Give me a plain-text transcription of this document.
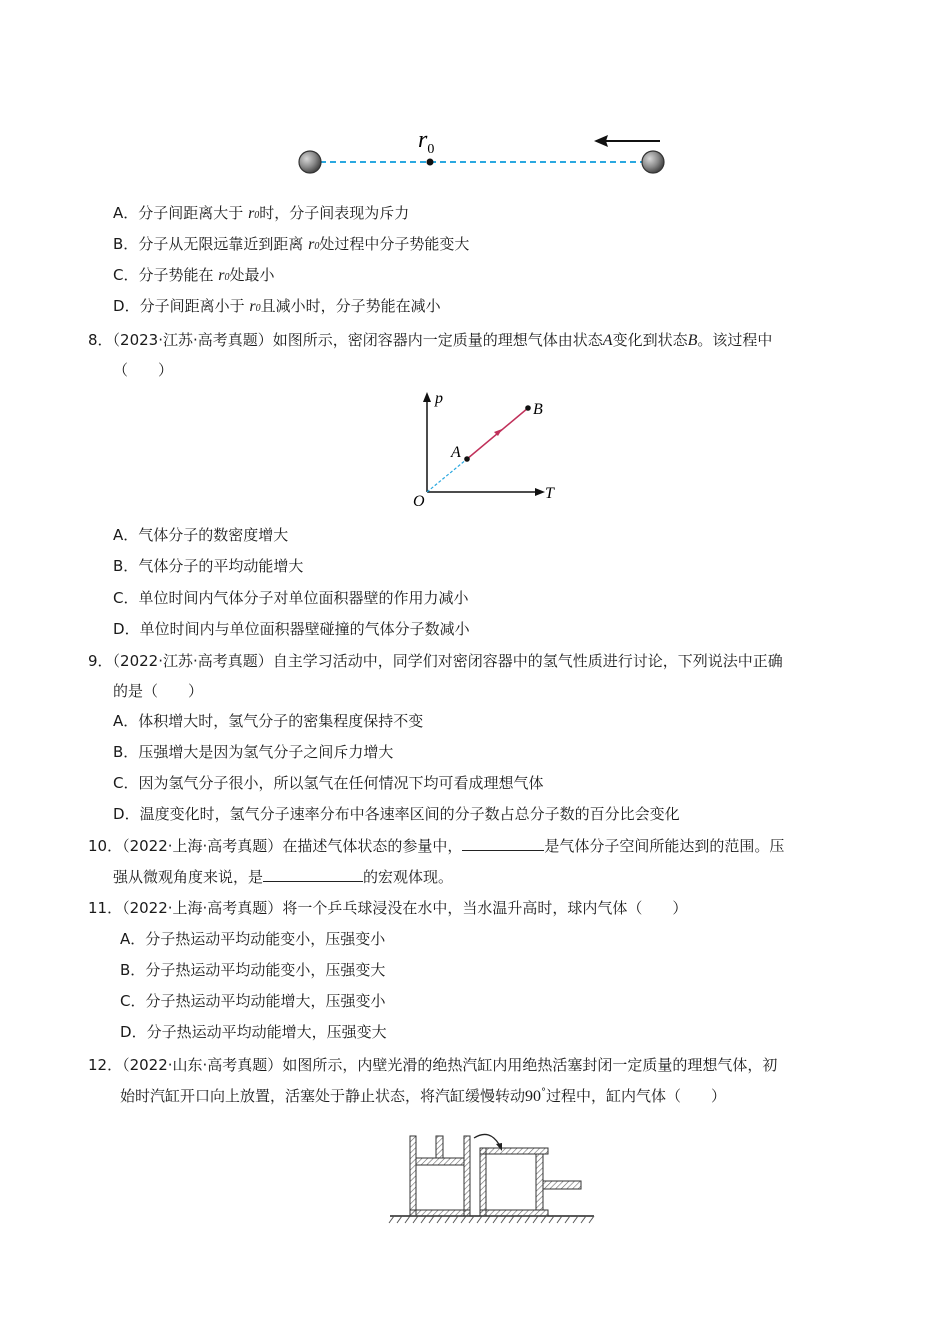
$r_0$
A．分子间距离大于 r0时，分子间表现为斥力
B．分子从无限远靠近到距离 r0处过程中分子势能变大
C．分子势能在 r0处最小
D．分子间距离小于 r0且减小时，分子势能在减小
8．（2023·江苏·高考真题）如图所示，密闭容器内一定质量的理想气体由状态A变化到状态B。该过程中
（　　）
p
T
O
A
B
A．气体分子的数密度增大
B．气体分子的平均动能增大
C．单位时间内气体分子对单位面积器壁的作用力减小
D．单位时间内与单位面积器壁碰撞的气体分子数减小
9．（2022·江苏·高考真题）自主学习活动中，同学们对密闭容器中的氢气性质进行讨论，下列说法中正确
的是（　　）
A．体积增大时，氢气分子的密集程度保持不变
B．压强增大是因为氢气分子之间斥力增大
C．因为氢气分子很小，所以氢气在任何情况下均可看成理想气体
D．温度变化时，氢气分子速率分布中各速率区间的分子数占总分子数的百分比会变化
10．（2022·上海·高考真题）在描述气体状态的参量中，	是气体分子空间所能达到的范围。压
强从微观角度来说，是	的宏观体现。
11．（2022·上海·高考真题）将一个乒乓球浸没在水中，当水温升高时，球内气体（　　）
A．分子热运动平均动能变小，压强变小
B．分子热运动平均动能变小，压强变大
C．分子热运动平均动能增大，压强变小
D．分子热运动平均动能增大，压强变大
12．（2022·山东·高考真题）如图所示，内壁光滑的绝热汽缸内用绝热活塞封闭一定质量的理想气体，初
始时汽缸开口向上放置，活塞处于静止状态，将汽缸缓慢转动90°过程中，缸内气体（　　）
